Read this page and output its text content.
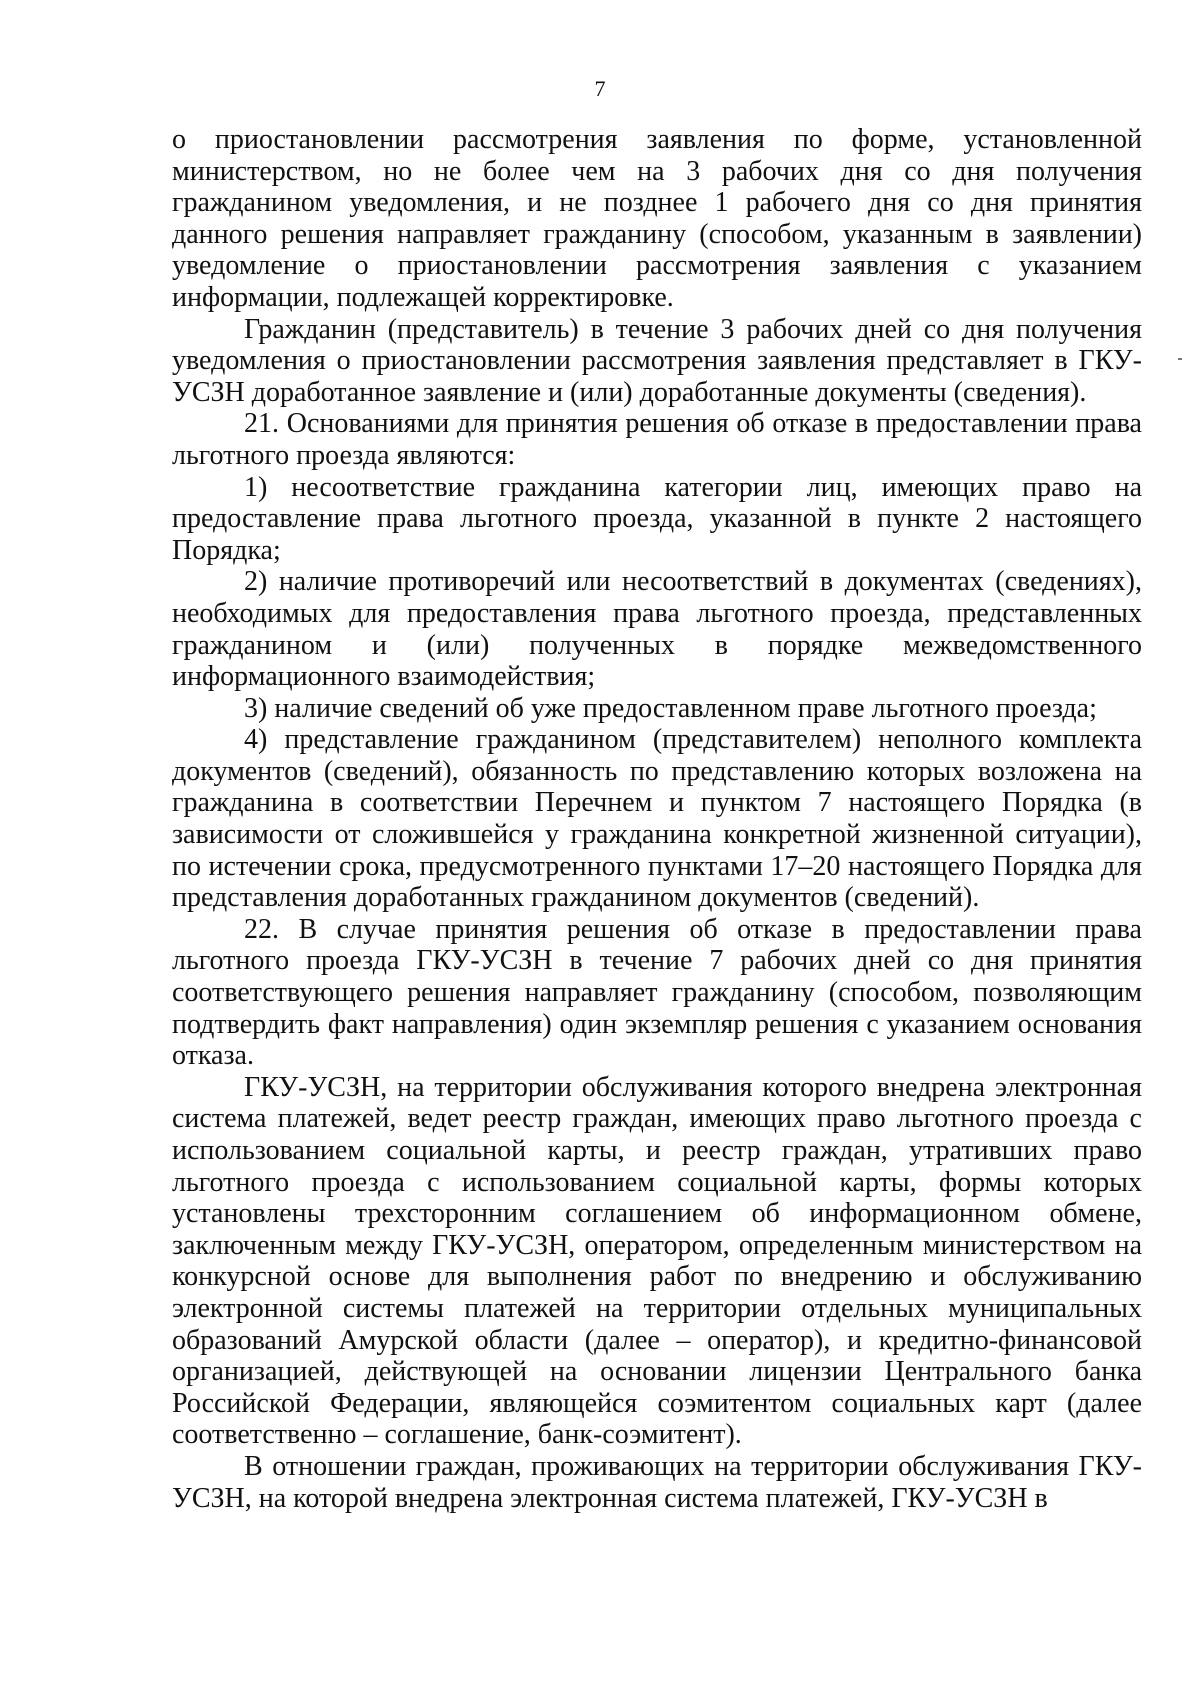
7

о приостановлении рассмотрения заявления по форме, установленной министерством, но не более чем на 3 рабочих дня со дня получения гражданином уведомления, и не позднее 1 рабочего дня со дня принятия данного решения направляет гражданину (способом, указанным в заявлении) уведомление о приостановлении рассмотрения заявления с указанием информации, подлежащей корректировке.

Гражданин (представитель) в течение 3 рабочих дней со дня получения уведомления о приостановлении рассмотрения заявления представляет в ГКУ-УСЗН доработанное заявление и (или) доработанные документы (сведения).

21. Основаниями для принятия решения об отказе в предоставлении права льготного проезда являются:

1) несоответствие гражданина категории лиц, имеющих право на предоставление права льготного проезда, указанной в пункте 2 настоящего Порядка;

2) наличие противоречий или несоответствий в документах (сведениях), необходимых для предоставления права льготного проезда, представленных гражданином и (или) полученных в порядке межведомственного информационного взаимодействия;

3) наличие сведений об уже предоставленном праве льготного проезда;

4) представление гражданином (представителем) неполного комплекта документов (сведений), обязанность по представлению которых возложена на гражданина в соответствии Перечнем и пунктом 7 настоящего Порядка (в зависимости от сложившейся у гражданина конкретной жизненной ситуации), по истечении срока, предусмотренного пунктами 17–20 настоящего Порядка для представления доработанных гражданином документов (сведений).

22. В случае принятия решения об отказе в предоставлении права льготного проезда ГКУ-УСЗН в течение 7 рабочих дней со дня принятия соответствующего решения направляет гражданину (способом, позволяющим подтвердить факт направления) один экземпляр решения с указанием основания отказа.

ГКУ-УСЗН, на территории обслуживания которого внедрена электронная система платежей, ведет реестр граждан, имеющих право льготного проезда с использованием социальной карты, и реестр граждан, утративших право льготного проезда с использованием социальной карты, формы которых установлены трехсторонним соглашением об информационном обмене, заключенным между ГКУ-УСЗН, оператором, определенным министерством на конкурсной основе для выполнения работ по внедрению и обслуживанию электронной системы платежей на территории отдельных муниципальных образований Амурской области (далее – оператор), и кредитно-финансовой организацией, действующей на основании лицензии Центрального банка Российской Федерации, являющейся соэмитентом социальных карт (далее соответственно – соглашение, банк-соэмитент).

В отношении граждан, проживающих на территории обслуживания ГКУ-УСЗН, на которой внедрена электронная система платежей, ГКУ-УСЗН в
